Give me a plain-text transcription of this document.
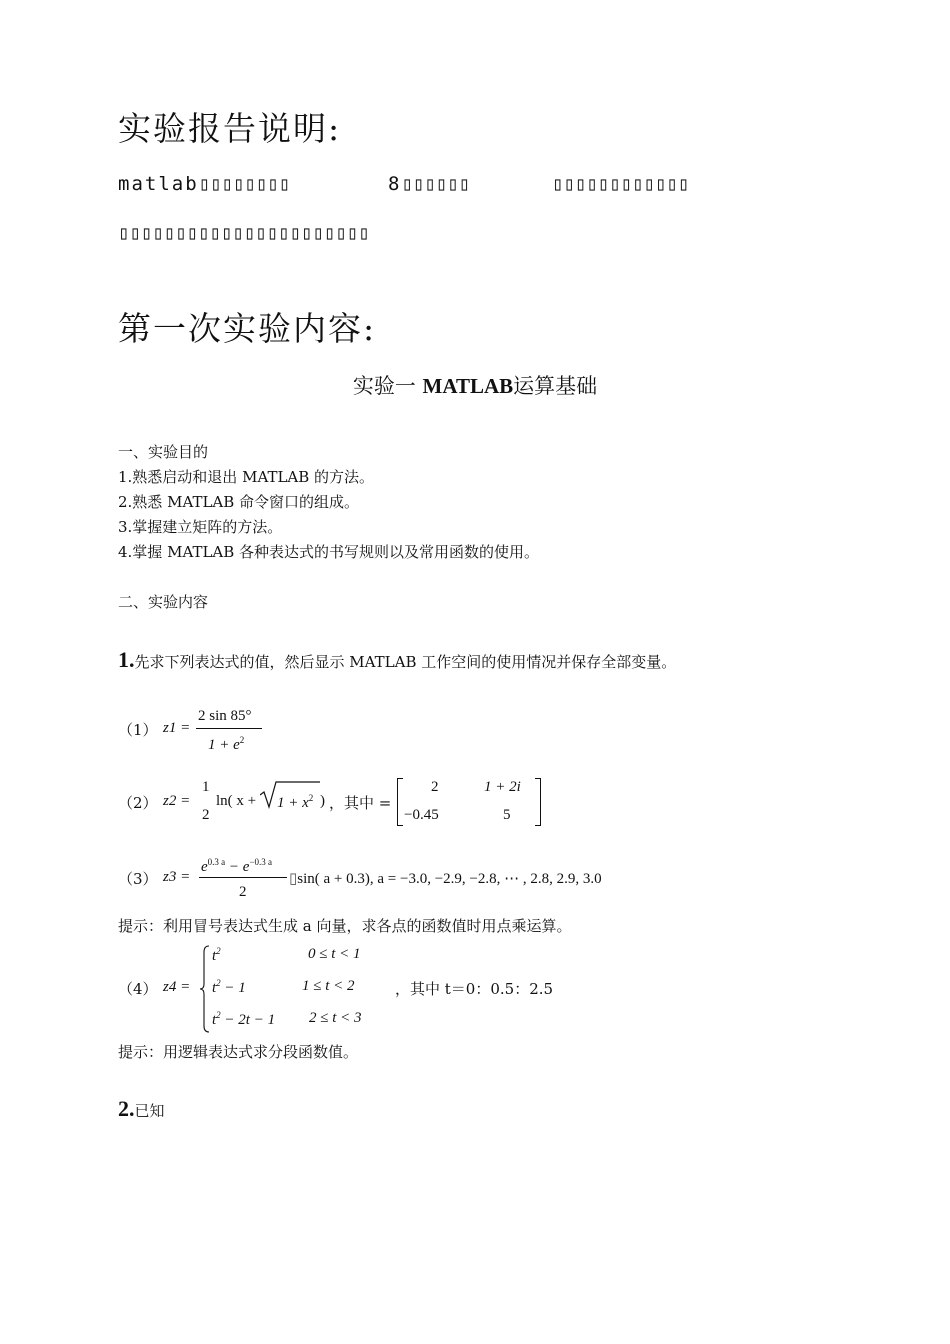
实验报告说明:
matlab▯▯▯▯▯▯▯▯	8▯▯▯▯▯▯	▯▯▯▯▯▯▯▯▯▯▯▯
▯▯▯▯▯▯▯▯▯▯▯▯▯▯▯▯▯▯▯▯▯▯
第一次实验内容:
实验一 MATLAB运算基础
一、实验目的
1.熟悉启动和退出 MATLAB 的方法。
2.熟悉 MATLAB 命令窗口的组成。
3.掌握建立矩阵的方法。
4.掌握 MATLAB 各种表达式的书写规则以及常用函数的使用。
二、实验内容
1.先求下列表达式的值，然后显示 MATLAB 工作空间的使用情况并保存全部变量。
（1） z1 =
2 sin 85°
$1 + e^2$
（2） z2 =
1
2
ln( $x + 1 + x^2$ ) ，其中 =
2	1 + 2i
−0.45	5
（3） z3 =
$e^{0.3 a} - e^{-0.3 a}$
2
▯sin( a + 0.3), a = −3.0, −2.9, −2.8, ⋯ , 2.8, 2.9, 3.0
提示：利用冒号表达式生成 a 向量，求各点的函数值时用点乘运算。
（4） z4 =
$t^2$	0 ≤ t < 1
$t^2 - 1$	1 ≤ t < 2
$t^2 - 2t - 1$ 2 ≤ t < 3
，其中 t＝0：0.5：2.5
提示：用逻辑表达式求分段函数值。
2.已知
